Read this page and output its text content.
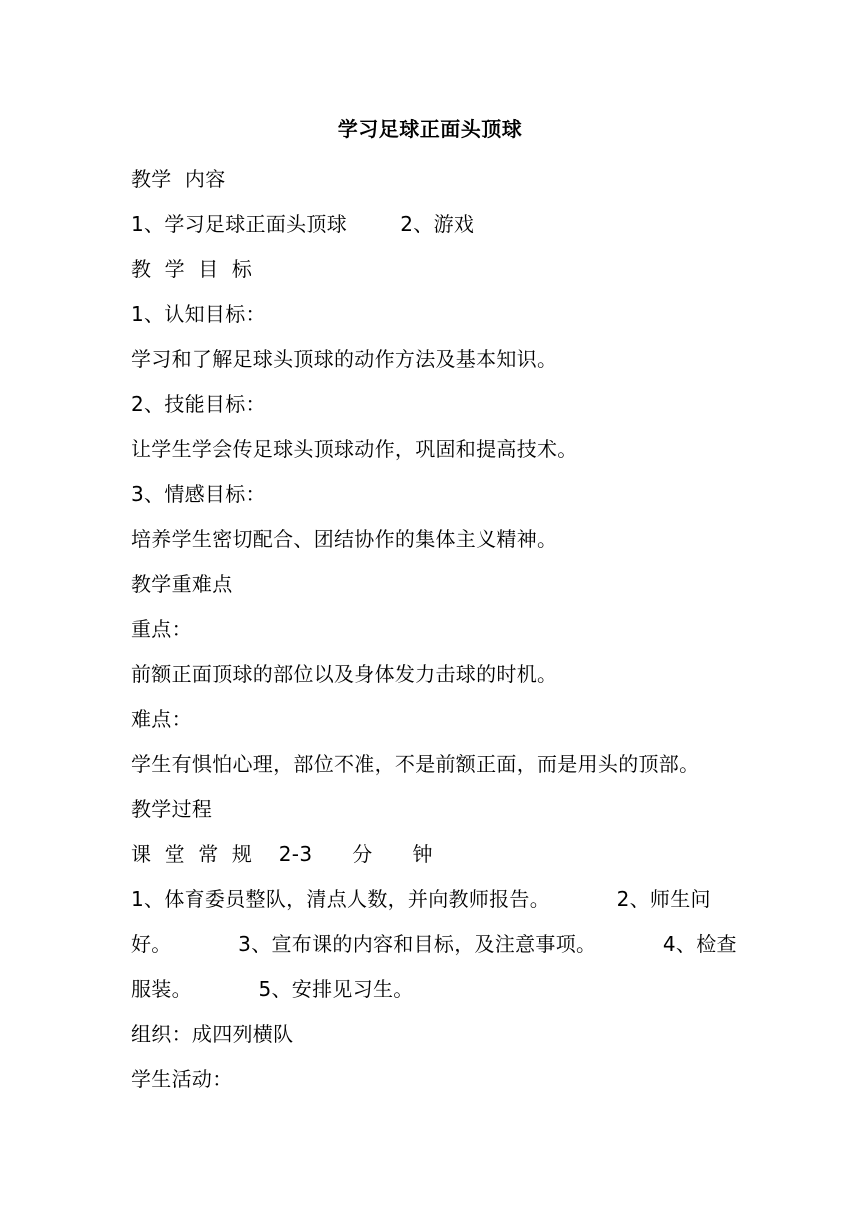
学习足球正面头顶球
教学  内容
1、学习足球正面头顶球        2、游戏
教  学  目  标
1、认知目标：
学习和了解足球头顶球的动作方法及基本知识。
2、技能目标：
让学生学会传足球头顶球动作，巩固和提高技术。
3、情感目标：
培养学生密切配合、团结协作的集体主义精神。
教学重难点
重点：
前额正面顶球的部位以及身体发力击球的时机。
难点：
学生有惧怕心理，部位不准，不是前额正面，而是用头的顶部。
教学过程
课  堂  常  规    2-3      分      钟
1、体育委员整队，清点人数，并向教师报告。          2、师生问
好。          3、宣布课的内容和目标，及注意事项。          4、检查
服装。          5、安排见习生。
组织：成四列横队
学生活动：
